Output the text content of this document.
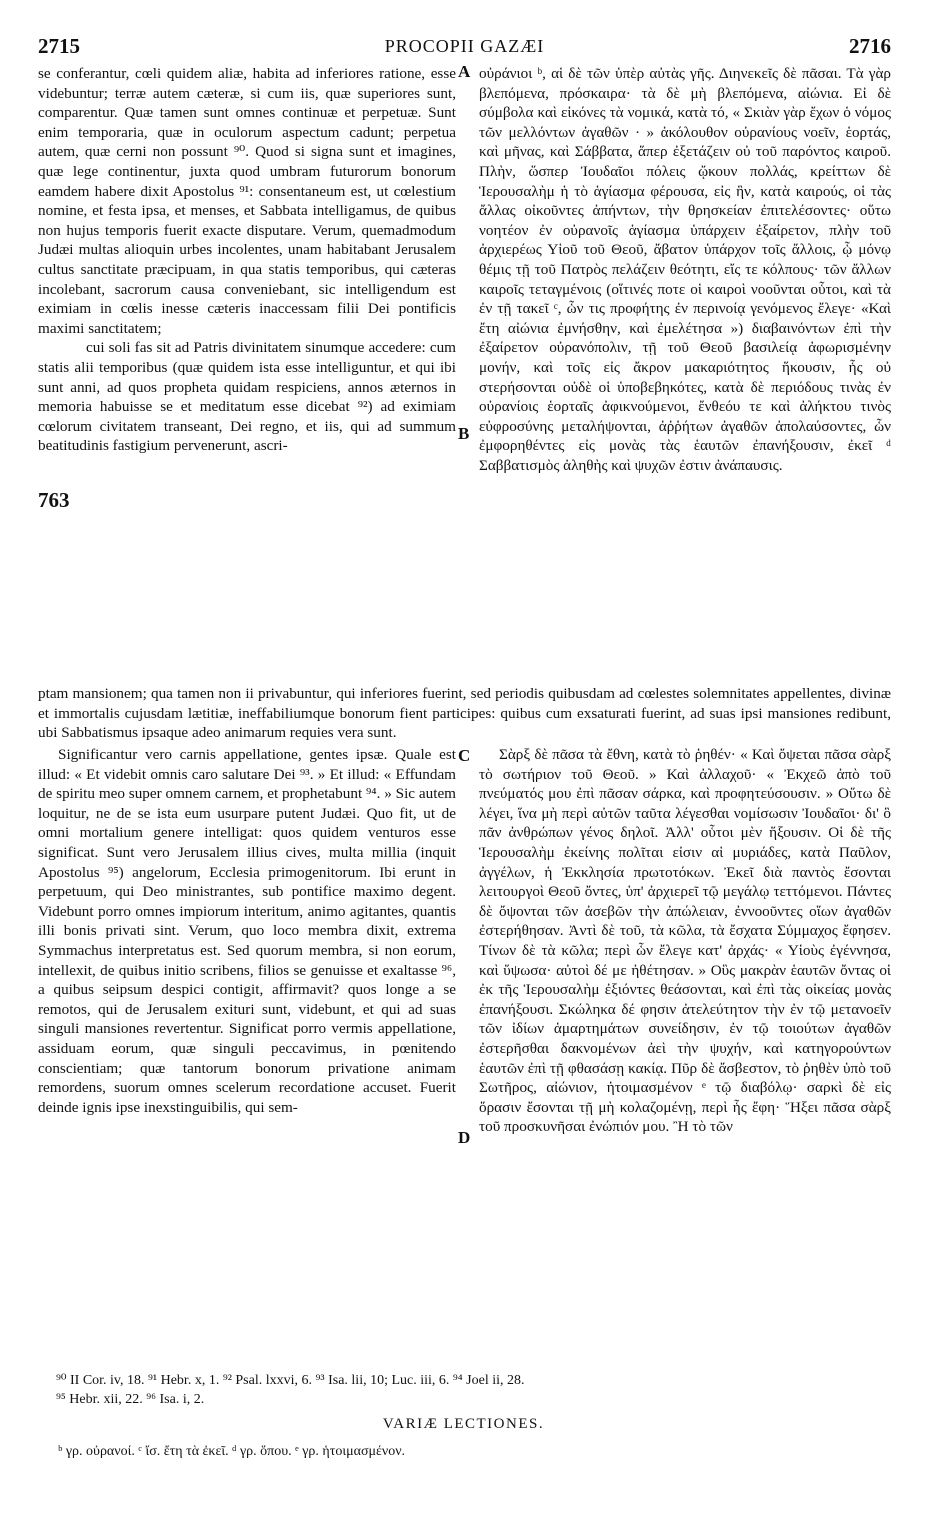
2715	PROCOPII GAZÆI	2716
A
B
C
D

se conferantur, cœli quidem aliæ, habita ad inferiores ratione, esse videbuntur; terræ autem cæteræ, si cum iis, quæ superiores sunt, comparentur. Quæ tamen sunt omnes continuæ et perpetuæ. Sunt enim temporaria, quæ in oculorum aspectum cadunt; perpetua autem, quæ cerni non possunt ⁹⁰. Quod si signa sunt et imagines, quæ lege continentur, juxta quod umbram futurorum bonorum eamdem habere dixit Apostolus ⁹¹: consentaneum est, ut cœlestium nomine, et festa ipsa, et menses, et Sabbata intelligamus, de quibus non hujus temporis fuerit exacte disputare. Verum, quemadmodum Judæi multas alioquin urbes incolentes, unam habitabant Jerusalem cultus sanctitate præcipuam, in qua statis temporibus, qui cæteras incolebant, sacrorum causa conveniebant, sic intelligendum est eximiam in cœlis inesse cæteris inaccessam filii Dei pontificis maximi sanctitatem;

cui soli fas sit ad Patris divinitatem sinumque accedere: cum statis alii temporibus (quæ quidem ista esse intelliguntur, et qui ibi sunt anni, ad quos propheta quidam respiciens, annos æternos in memoria habuisse se et meditatum esse dicebat ⁹²) ad eximiam cœlorum civitatem transeant, Dei regno, et iis, qui ad summum beatitudinis fastigium pervenerunt, ascri-

763

οὐράνιοι ᵇ, αἱ δὲ τῶν ὑπὲρ αὐτὰς γῆς. Διηνεκεῖς δὲ πᾶσαι. Τὰ γὰρ βλεπόμενα, πρόσκαιρα· τὰ δὲ μὴ βλεπόμενα, αἰώνια. Εἰ δὲ σύμβολα καὶ εἰκόνες τὰ νομικά, κατὰ τό, « Σκιὰν γὰρ ἔχων ὁ νόμος τῶν μελλόντων ἀγαθῶν · » ἀκόλουθον οὐρανίους νοεῖν, ἑορτάς, καὶ μῆνας, καὶ Σάββατα, ἅπερ ἐξετάζειν οὐ τοῦ παρόντος καιροῦ. Πλὴν, ὥσπερ Ἰουδαῖοι πόλεις ᾤκουν πολλάς, κρείττων δὲ Ἱερουσαλὴμ ἡ τὸ ἁγίασμα φέρουσα, εἰς ἣν, κατὰ καιρούς, οἱ τὰς ἄλλας οἰκοῦντες ἀπήντων, τὴν θρησκείαν ἐπιτελέσοντες· οὕτω νοητέον ἐν οὐρανοῖς ἁγίασμα ὑπάρχειν ἐξαίρετον, πλὴν τοῦ ἀρχιερέως Υἱοῦ τοῦ Θεοῦ, ἄβατον ὑπάρχον τοῖς ἄλλοις, ᾧ μόνῳ θέμις τῇ τοῦ Πατρὸς πελάζειν θεότητι, εἴς τε κόλπους· τῶν ἄλλων καιροῖς τεταγμένοις (οἵτινές ποτε οἱ καιροὶ νοοῦνται οὗτοι, καὶ τὰ ἐν τῇ τακεῖ ᶜ, ὧν τις προφήτης ἐν περινοίᾳ γενόμενος ἔλεγε· «Καὶ ἔτη αἰώνια ἐμνήσθην, καὶ ἐμελέτησα ») διαβαινόντων ἐπὶ τὴν ἐξαίρετον οὐρανόπολιν, τῇ τοῦ Θεοῦ βασιλείᾳ ἀφωρισμένην μονήν, καὶ τοῖς εἰς ἄκρον μακαριότητος ἥκουσιν, ἧς οὐ στερήσονται οὐδὲ οἱ ὑποβεβηκότες, κατὰ δὲ περιόδους τινὰς ἐν οὐρανίοις ἑορταῖς ἀφικνούμενοι, ἔνθεόυ τε καὶ ἀλήκτου τινὸς εὐφροσύνης μεταλήψονται, ἀῤῥήτων ἀγαθῶν ἀπολαύσοντες, ὧν ἐμφορηθέντες εἰς μονὰς τὰς ἑαυτῶν ἐπανήξουσιν, ἐκεῖ ᵈ Σαββατισμὸς ἀληθὴς καὶ ψυχῶν ἐστιν ἀνάπαυσις.

ptam mansionem; qua tamen non ii privabuntur, qui inferiores fuerint, sed periodis quibusdam ad cœlestes solemnitates appellentes, divinæ et immortalis cujusdam lætitiæ, ineffabiliumque bonorum fient participes: quibus cum exsaturati fuerint, ad suas ipsi mansiones redibunt, ubi Sabbatismus ipsaque adeo animarum requies vera sunt.

Significantur vero carnis appellatione, gentes ipsæ. Quale est illud: « Et videbit omnis caro salutare Dei ⁹³. » Et illud: « Effundam de spiritu meo super omnem carnem, et prophetabunt ⁹⁴. » Sic autem loquitur, ne de se ista eum usurpare putent Judæi. Quo fit, ut de omni mortalium genere intelligat: quos quidem venturos esse significat. Sunt vero Jerusalem illius cives, multa millia (inquit Apostolus ⁹⁵) angelorum, Ecclesia primogenitorum. Ibi erunt in perpetuum, qui Deo ministrantes, sub pontifice maximo degent. Videbunt porro omnes impiorum interitum, animo agitantes, quantis illi bonis privati sint. Verum, quo loco membra dixit, extrema Symmachus interpretatus est. Sed quorum membra, si non eorum, intellexit, de quibus initio scribens, filios se genuisse et exaltasse ⁹⁶, a quibus seipsum despici contigit, affirmavit? quos longe a se remotos, qui de Jerusalem exituri sunt, videbunt, et qui ad suas singuli mansiones revertentur. Significat porro vermis appellatione, assiduam eorum, quæ singuli peccavimus, in pœnitendo conscientiam; quæ tantorum bonorum privatione animam remordens, suorum omnes scelerum recordatione accuset. Fuerit deinde ignis ipse inexstinguibilis, qui sem-

Σὰρξ δὲ πᾶσα τὰ ἔθνη, κατὰ τὸ ῥηθέν· « Καὶ ὄψεται πᾶσα σὰρξ τὸ σωτήριον τοῦ Θεοῦ. » Καὶ ἀλλαχοῦ· « Ἐκχεῶ ἀπὸ τοῦ πνεύματός μου ἐπὶ πᾶσαν σάρκα, καὶ προφητεύσουσιν. » Οὕτω δὲ λέγει, ἵνα μὴ περὶ αὐτῶν ταῦτα λέγεσθαι νομίσωσιν Ἰουδαῖοι· δι' ὃ πᾶν ἀνθρώπων γένος δηλοῖ. Ἀλλ' οὗτοι μὲν ἥξουσιν. Οἱ δὲ τῆς Ἱερουσαλὴμ ἐκείνης πολῖται εἰσιν αἱ μυριάδες, κατὰ Παῦλον, ἀγγέλων, ἡ Ἐκκλησία πρωτοτόκων. Ἐκεῖ διὰ παντὸς ἔσονται λειτουργοὶ Θεοῦ ὄντες, ὑπ' ἀρχιερεῖ τῷ μεγάλῳ τεττόμενοι. Πάντες δὲ ὄψονται τῶν ἀσεβῶν τὴν ἀπώλειαν, ἐννοοῦντες οἵων ἀγαθῶν ἐστερήθησαν. Ἀντὶ δὲ τοῦ, τὰ κῶλα, τὰ ἔσχατα Σύμμαχος ἔφησεν. Τίνων δὲ τὰ κῶλα; περὶ ὧν ἔλεγε κατ' ἀρχάς· « Υἱοὺς ἐγέννησα, καὶ ὕψωσα· αὐτοὶ δέ με ἠθέτησαν. » Οὓς μακρὰν ἑαυτῶν ὄντας οἱ ἐκ τῆς Ἱερουσαλὴμ ἐξιόντες θεάσονται, καὶ ἐπὶ τὰς οἰκείας μονὰς ἐπανήξουσι. Σκώληκα δέ φησιν ἀτελεύτητον τὴν ἐν τῷ μετανοεῖν τῶν ἰδίων ἁμαρτημάτων συνείδησιν, ἐν τῷ τοιούτων ἀγαθῶν ἐστερῆσθαι δακνομένων ἀεὶ τὴν ψυχήν, καὶ κατηγορούντων ἑαυτῶν ἐπὶ τῇ φθασάσῃ κακίᾳ. Πῦρ δὲ ἄσβεστον, τὸ ῥηθὲν ὑπὸ τοῦ Σωτῆρος, αἰώνιον, ἡτοιμασμένον ᵉ τῷ διαβόλῳ· σαρκὶ δὲ εἰς ὅρασιν ἔσονται τῇ μὴ κολαζομένῃ, περὶ ἧς ἔφη· Ἥξει πᾶσα σὰρξ τοῦ προσκυνῆσαι ἐνώπιόν μου. Ἢ τὸ τῶν

⁹⁰ II Cor. iv, 18. ⁹¹ Hebr. x, 1. ⁹² Psal. lxxvi, 6. ⁹³ Isa. lii, 10; Luc. iii, 6. ⁹⁴ Joel ii, 28.
⁹⁵ Hebr. xii, 22. ⁹⁶ Isa. i, 2.
VARIÆ LECTIONES.
ᵇ γρ. οὐρανοί. ᶜ ἴσ. ἔτη τὰ ἐκεῖ. ᵈ γρ. ὅπου. ᵉ γρ. ἡτοιμασμένον.
